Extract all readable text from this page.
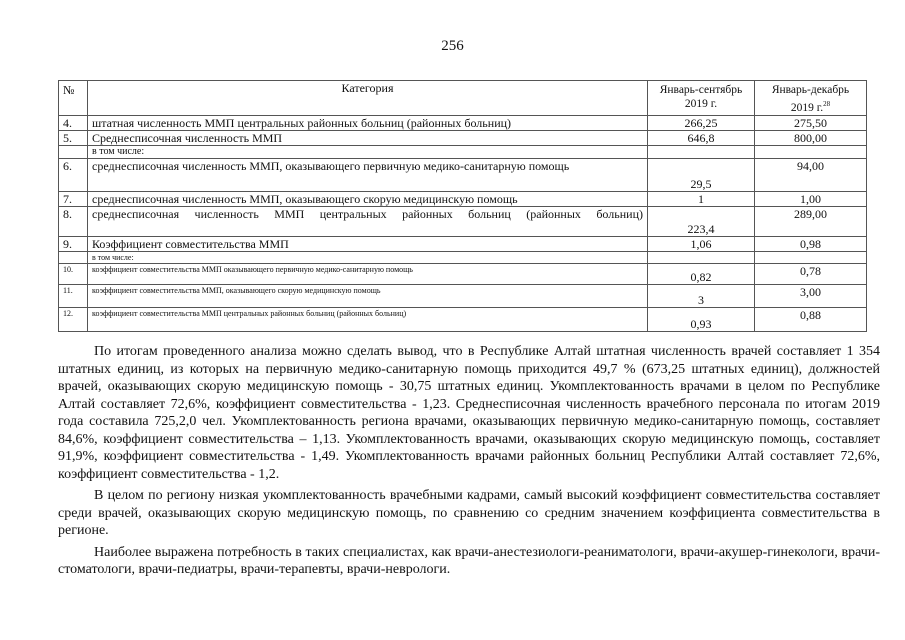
256
№	Категория	Январь-сентябрь 2019 г.	Январь-декабрь 2019 г.$^{28}$
4.	штатная численность ММП центральных районных больниц (районных больниц)	266,25	275,50
5.	Среднесписочная численность ММП	646,8	800,00
	в том числе:		
6.	среднесписочная численность ММП, оказывающего первичную медико-санитарную помощь	29,5	94,00
7.	среднесписочная численность ММП, оказывающего скорую медицинскую помощь	1	1,00
8.	среднесписочная численность ММП центральных районных больниц (районных больниц)	223,4	289,00
9.	Коэффициент совместительства ММП	1,06	0,98
	в том числе:		
10.	коэффициент совместительства ММП оказывающего первичную медико-санитарную помощь	0,82	0,78
11.	коэффициент совместительства ММП, оказывающего скорую медицинскую помощь	3	3,00
12.	коэффициент совместительства ММП центральных районных больниц (районных больниц)	0,93	0,88

По итогам проведенного анализа можно сделать вывод, что в Республике Алтай штатная численность врачей составляет 1 354 штатных единиц, из которых на первичную медико-санитарную помощь приходится 49,7 % (673,25 штатных единиц), должностей врачей, оказывающих скорую медицинскую помощь - 30,75 штатных единиц. Укомплектованность врачами в целом по Республике Алтай составляет 72,6%, коэффициент совместительства - 1,23. Среднесписочная численность врачебного персонала по итогам 2019 года составила 725,2,0 чел. Укомплектованность региона врачами, оказывающих первичную медико-санитарную помощь, составляет 84,6%, коэффициент совместительства – 1,13. Укомплектованность врачами, оказывающих скорую медицинскую помощь, составляет 91,9%, коэффициент совместительства - 1,49. Укомплектованность врачами районных больниц Республики Алтай составляет 72,6%, коэффициент совместительства - 1,2.

В целом по региону низкая укомплектованность врачебными кадрами, самый высокий коэффициент совместительства составляет среди врачей, оказывающих скорую медицинскую помощь, по сравнению со средним значением коэффициента совместительства в регионе.

Наиболее выражена потребность в таких специалистах, как врачи-анестезиологи-реаниматологи, врачи-акушер-гинекологи, врачи-стоматологи, врачи-педиатры, врачи-терапевты, врачи-неврологи.
